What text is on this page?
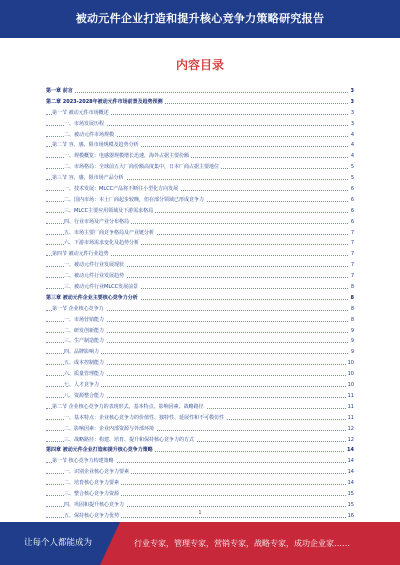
被动元件企业打造和提升核心竞争力策略研究报告
内容目录
第一章 前言	3
第二章 2023-2028年被动元件市场前景及趋势预测	3
第一节 被动元件市场概述	3
一、市场发展历程	3
二、被动元件市场规模	4
第二节 容、感、阻市场规模及趋势分析	4
一、规模概览：电感器规模增长迅速，海外占据主要份额	4
二、市场格局：全球前五大厂商份额高度集中，日本厂商占据主要地位	5
第三节 容、感、阻市场产品分析	5
一、技术发展：MLCC产品将不断往小型化方向发展	6
二、国内市场：本土厂商起步较晚，但在部分领域已形成竞争力	6
三、MLCC主要应用领域及下游需求格局	6
四、行业市场及产业分布格局	6
五、市场主要厂商竞争格局及产业链分析	7
六、下游市场需求变化及趋势分析	7
第四节 被动元件行业趋势	7
一、被动元件行业发展现状	7
二、被动元件行业发展趋势	7
三、被动元件行业MLCC发展前景	8
第三章 被动元件企业主要核心竞争力分析	8
第一节 企业核心竞争力	8
一、市场营销能力	8
二、研发创新能力	9
三、生产制造能力	9
四、品牌影响力	9
五、成本控制能力	10
六、质量管理能力	10
七、人才竞争力	10
八、资源整合能力	11
第二节 企业核心竞争力的表现形式、基本特点、影响因素、战略路径	11
一、基本特点：企业核心竞争力的价值性、独特性、延展性和不可模仿性	11
二、影响因素：企业内部资源与外部环境	12
三、战略路径：构建、培育、提升和保持核心竞争力的方式	12
第四章 被动元件企业打造和提升核心竞争力策略	14
第一节 核心竞争力构建策略	14
一、识别企业核心竞争力要素	14
二、培育核心竞争力要素	14
三、整合核心竞争力资源	15
四、巩固和提升核心竞争力	15
五、保持核心竞争力优势	16
1
让每个人都能成为	行业专家，管理专家，营销专家，战略专家，成功企业家……
